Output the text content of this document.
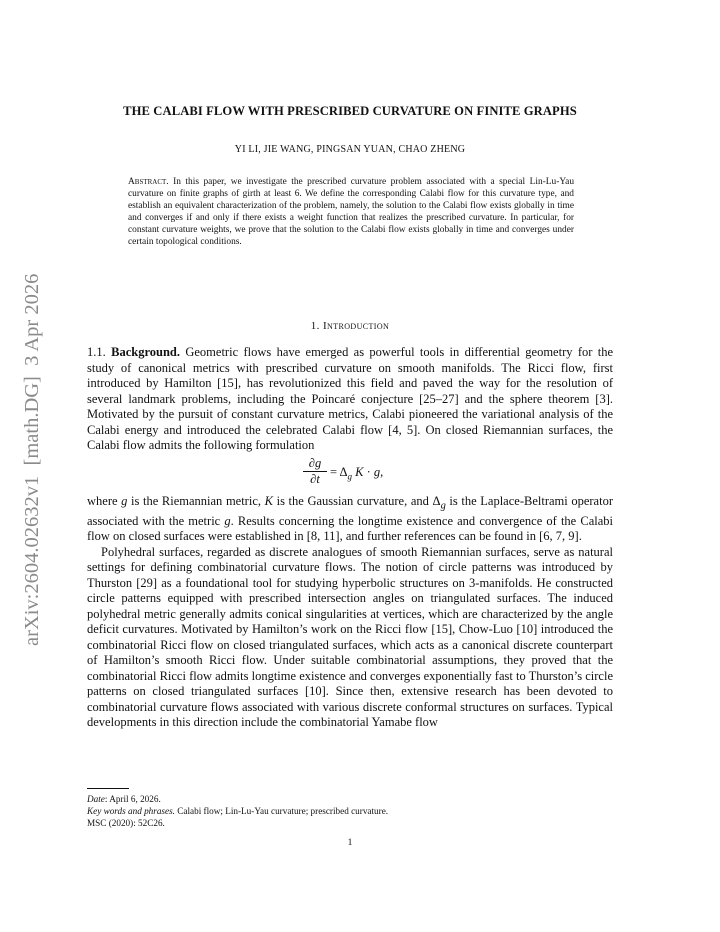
arXiv:2604.02632v1  [math.DG]  3 Apr 2026
THE CALABI FLOW WITH PRESCRIBED CURVATURE ON FINITE GRAPHS
YI LI, JIE WANG, PINGSAN YUAN, CHAO ZHENG

Abstract. In this paper, we investigate the prescribed curvature problem associated with a special Lin-Lu-Yau curvature on finite graphs of girth at least 6. We define the corresponding Calabi flow for this curvature type, and establish an equivalent characterization of the problem, namely, the solution to the Calabi flow exists globally in time and converges if and only if there exists a weight function that realizes the prescribed curvature. In particular, for constant curvature weights, we prove that the solution to the Calabi flow exists globally in time and converges under certain topological conditions.

1. Introduction

1.1. Background. Geometric flows have emerged as powerful tools in differential geometry for the study of canonical metrics with prescribed curvature on smooth manifolds. The Ricci flow, first introduced by Hamilton [15], has revolutionized this field and paved the way for the resolution of several landmark problems, including the Poincaré conjecture [25–27] and the sphere theorem [3]. Motivated by the pursuit of constant curvature metrics, Calabi pioneered the variational analysis of the Calabi energy and introduced the celebrated Calabi flow [4, 5]. On closed Riemannian surfaces, the Calabi flow admits the following formulation

$\frac{\partial g}{\partial t} = \Delta_g$ K · g,

where g is the Riemannian metric, K is the Gaussian curvature, and $\Delta_g$ is the Laplace-Beltrami operator associated with the metric g. Results concerning the longtime existence and convergence of the Calabi flow on closed surfaces were established in [8, 11], and further references can be found in [6, 7, 9].

Polyhedral surfaces, regarded as discrete analogues of smooth Riemannian surfaces, serve as natural settings for defining combinatorial curvature flows. The notion of circle patterns was introduced by Thurston [29] as a foundational tool for studying hyperbolic structures on 3-manifolds. He constructed circle patterns equipped with prescribed intersection angles on triangulated surfaces. The induced polyhedral metric generally admits conical singularities at vertices, which are characterized by the angle deficit curvatures. Motivated by Hamilton’s work on the Ricci flow [15], Chow-Luo [10] introduced the combinatorial Ricci flow on closed triangulated surfaces, which acts as a canonical discrete counterpart of Hamilton’s smooth Ricci flow. Under suitable combinatorial assumptions, they proved that the combinatorial Ricci flow admits longtime existence and converges exponentially fast to Thurston’s circle patterns on closed triangulated surfaces [10]. Since then, extensive research has been devoted to combinatorial curvature flows associated with various discrete conformal structures on surfaces. Typical developments in this direction include the combinatorial Yamabe flow

Date: April 6, 2026.
Key words and phrases. Calabi flow; Lin-Lu-Yau curvature; prescribed curvature.
MSC (2020): 52C26.
1
